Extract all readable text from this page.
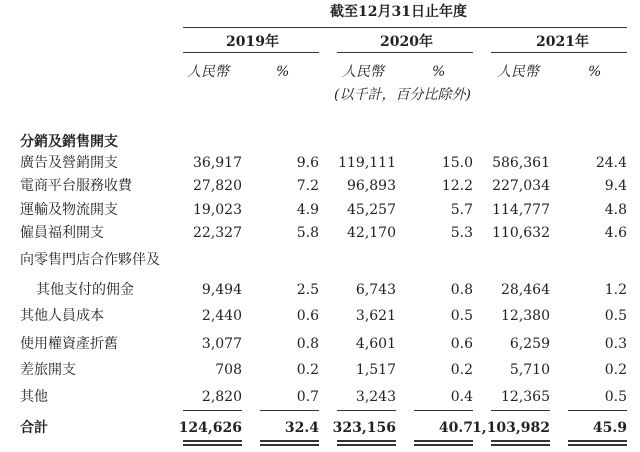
截至12月31日止年度
2019年	2020年	2021年
人民幣	%	人民幣	%	人民幣	%
(以千計，百分比除外)
分銷及銷售開支
廣告及營銷開支	36,917	9.6 119,111	15.0 586,361	24.4
電商平台服務收費	27,820	7.2 96,893	12.2 227,034	9.4
運輸及物流開支	19,023	4.9 45,257	5.7 114,777	4.8
僱員福利開支	22,327	5.8 42,170	5.3 110,632	4.6
向零售門店合作夥伴及
其他支付的佣金	9,494	2.5	6,743	0.8 28,464	1.2
其他人員成本	2,440	0.6	3,621	0.5 12,380	0.5
使用權資產折舊	3,077	0.8	4,601	0.6	6,259	0.3
差旅開支	708	0.2	1,517	0.2	5,710	0.2
其他	2,820	0.7	3,243	0.4 12,365	0.5
合計	124,626	32.4 323,156	40.7 1,103,982	45.9
